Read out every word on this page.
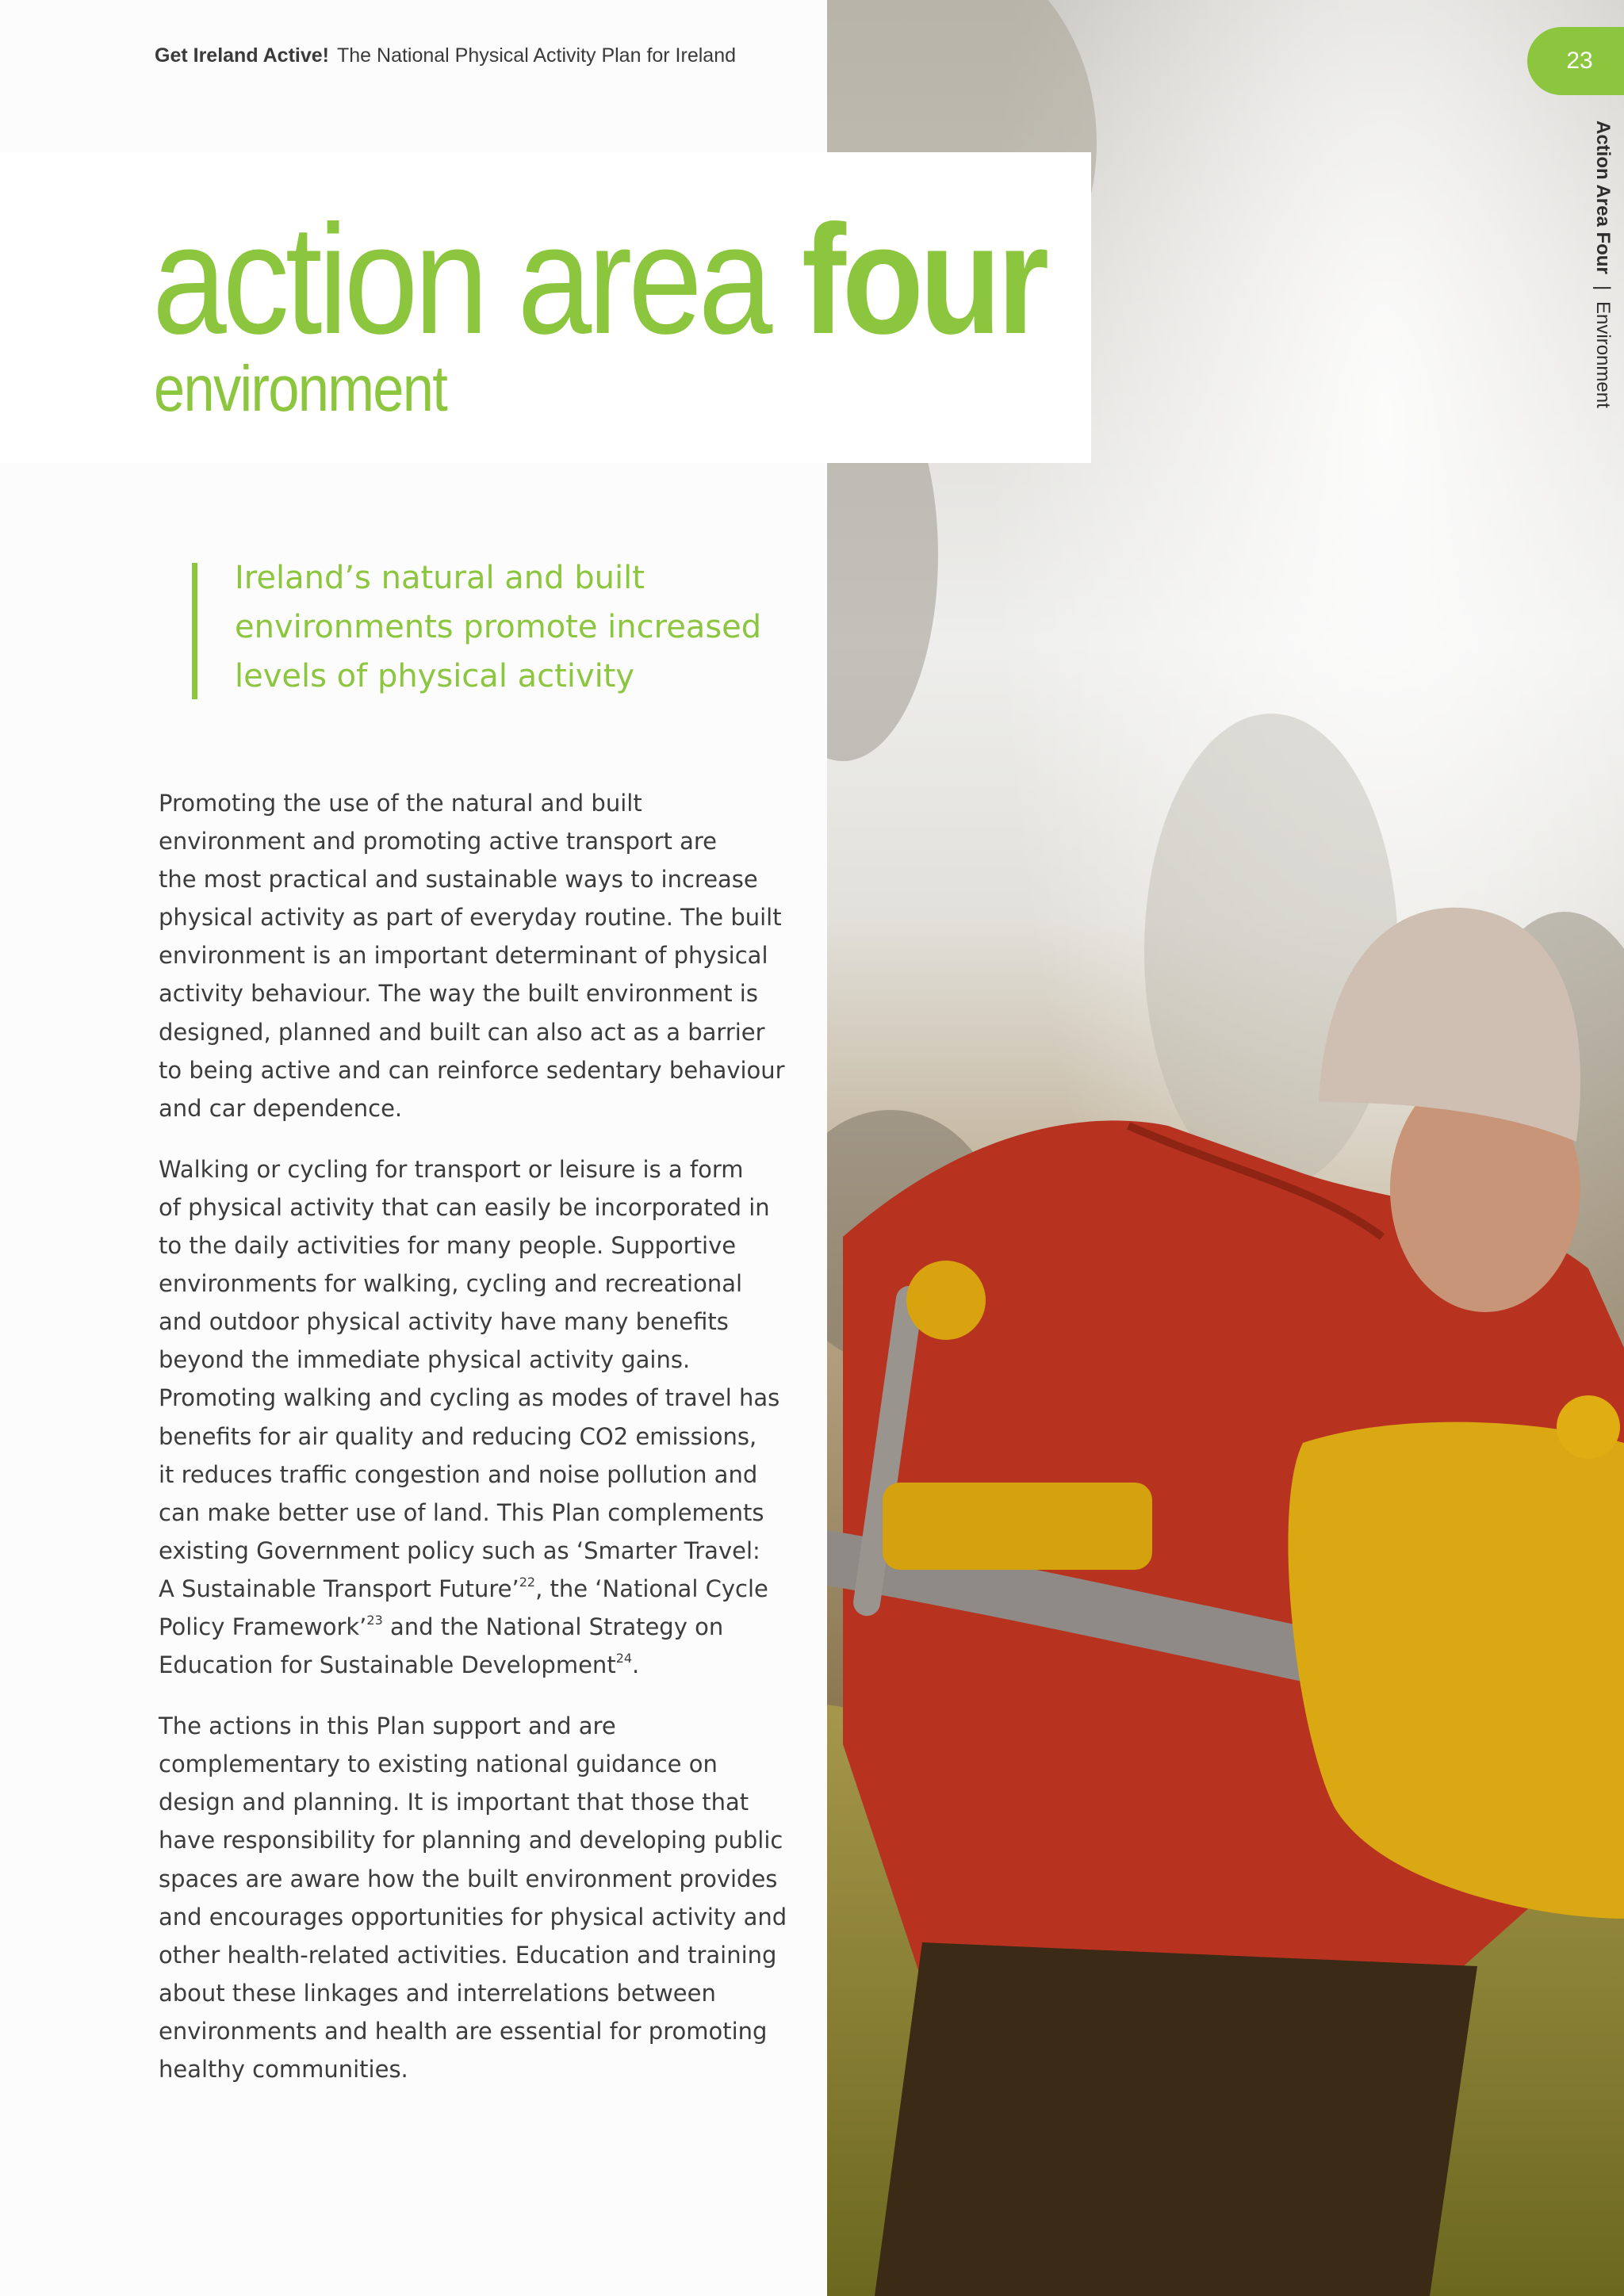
Get Ireland Active! The National Physical Activity Plan for Ireland	23
Action Area Four|Environment
action area four
environment

Ireland’s natural and built

environments promote increased

levels of physical activity

Promoting the use of the natural and built
environment and promoting active transport are
the most practical and sustainable ways to increase
physical activity as part of everyday routine. The built
environment is an important determinant of physical
activity behaviour. The way the built environment is
designed, planned and built can also act as a barrier
to being active and can reinforce sedentary behaviour
and car dependence.
Walking or cycling for transport or leisure is a form
of physical activity that can easily be incorporated in
to the daily activities for many people. Supportive
environments for walking, cycling and recreational
and outdoor physical activity have many benefits
beyond the immediate physical activity gains.
Promoting walking and cycling as modes of travel has
benefits for air quality and reducing CO2 emissions,
it reduces traffic congestion and noise pollution and
can make better use of land. This Plan complements
existing Government policy such as ‘Smarter Travel:
A Sustainable Transport Future’$^{22}$, the ‘National Cycle
Policy Framework’$^{23}$ and the National Strategy on
Education for Sustainable Development$^{24}$.
The actions in this Plan support and are
complementary to existing national guidance on
design and planning. It is important that those that
have responsibility for planning and developing public
spaces are aware how the built environment provides
and encourages opportunities for physical activity and
other health-related activities. Education and training
about these linkages and interrelations between
environments and health are essential for promoting
healthy communities.
